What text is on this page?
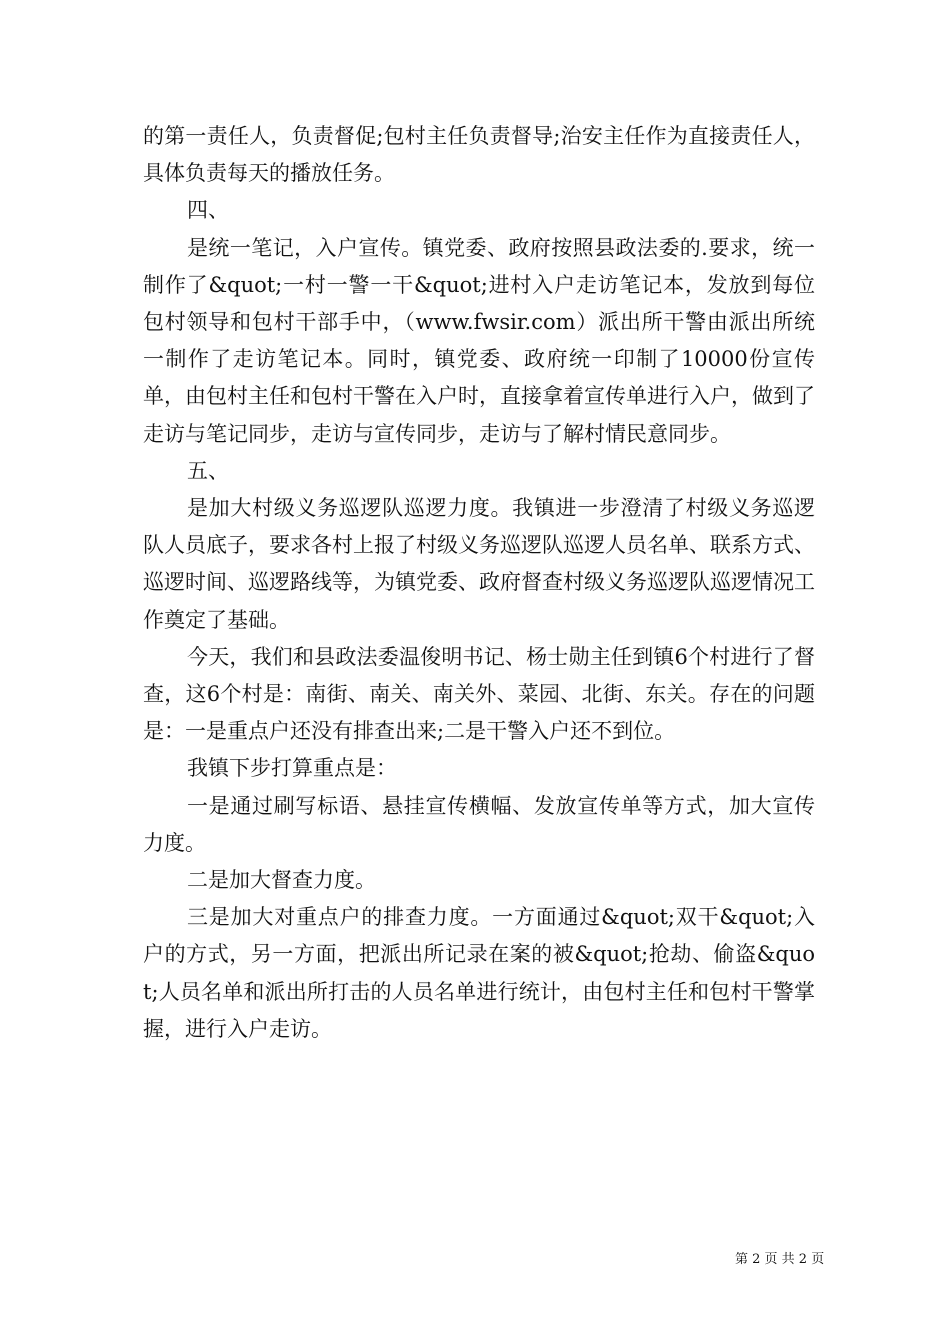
的第一责任人，负责督促;包村主任负责督导;治安主任作为直接责任人，具体负责每天的播放任务。

四、

是统一笔记，入户宣传。镇党委、政府按照县政法委的.要求，统一制作了&quot;一村一警一干&quot;进村入户走访笔记本，发放到每位包村领导和包村干部手中，（www.fwsir.com）派出所干警由派出所统一制作了走访笔记本。同时，镇党委、政府统一印制了10000份宣传单，由包村主任和包村干警在入户时，直接拿着宣传单进行入户，做到了走访与笔记同步，走访与宣传同步，走访与了解村情民意同步。

五、

是加大村级义务巡逻队巡逻力度。我镇进一步澄清了村级义务巡逻队人员底子，要求各村上报了村级义务巡逻队巡逻人员名单、联系方式、巡逻时间、巡逻路线等，为镇党委、政府督查村级义务巡逻队巡逻情况工作奠定了基础。

今天，我们和县政法委温俊明书记、杨士勋主任到镇6个村进行了督查，这6个村是：南街、南关、南关外、菜园、北街、东关。存在的问题是：一是重点户还没有排查出来;二是干警入户还不到位。

我镇下步打算重点是：

一是通过刷写标语、悬挂宣传横幅、发放宣传单等方式，加大宣传力度。

二是加大督查力度。

三是加大对重点户的排查力度。一方面通过&quot;双干&quot;入户的方式，另一方面，把派出所记录在案的被&quot;抢劫、偷盗&quot;人员名单和派出所打击的人员名单进行统计，由包村主任和包村干警掌握，进行入户走访。

第 2 页 共 2 页
